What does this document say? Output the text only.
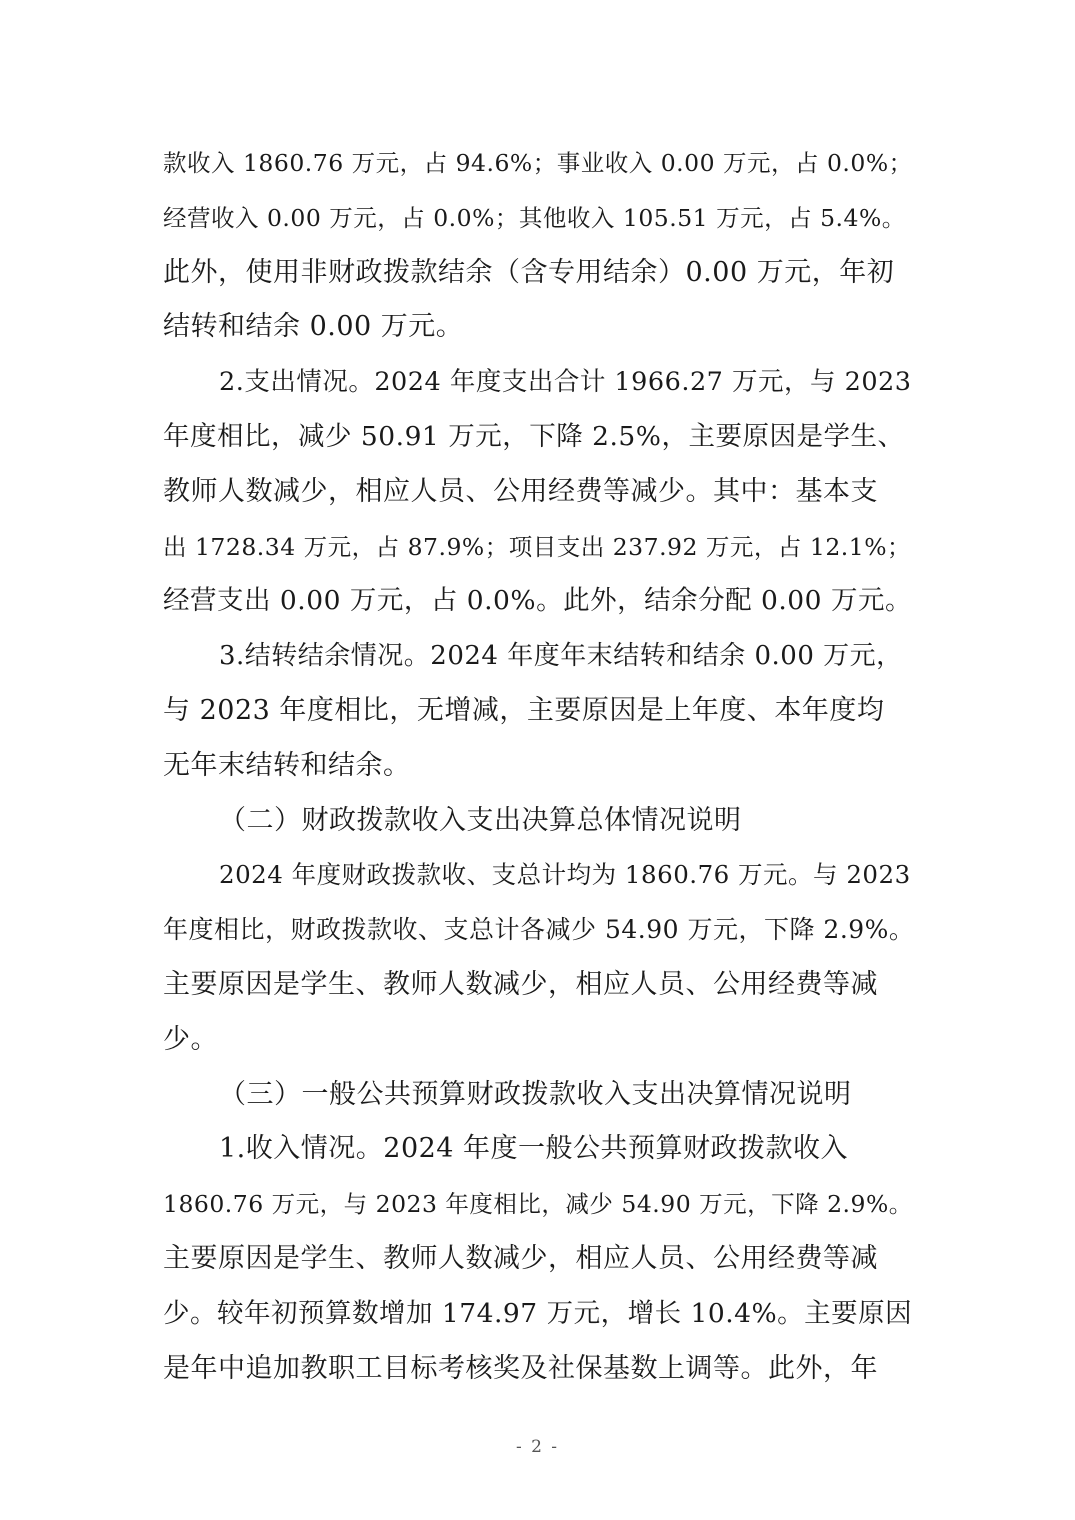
款收入 1860.76 万元，占 94.6%；事业收入 0.00 万元，占 0.0%；
经营收入 0.00 万元，占 0.0%；其他收入 105.51 万元，占 5.4%。
此外，使用非财政拨款结余（含专用结余）0.00 万元，年初
结转和结余 0.00 万元。
2.支出情况。2024 年度支出合计 1966.27 万元，与 2023
年度相比，减少 50.91 万元，下降 2.5%，主要原因是学生、
教师人数减少，相应人员、公用经费等减少。其中：基本支
出 1728.34 万元，占 87.9%；项目支出 237.92 万元，占 12.1%；
经营支出 0.00 万元，占 0.0%。此外，结余分配 0.00 万元。
3.结转结余情况。2024 年度年末结转和结余 0.00 万元，
与 2023 年度相比，无增减，主要原因是上年度、本年度均
无年末结转和结余。
（二）财政拨款收入支出决算总体情况说明
2024 年度财政拨款收、支总计均为 1860.76 万元。与 2023
年度相比，财政拨款收、支总计各减少 54.90 万元，下降 2.9%。
主要原因是学生、教师人数减少，相应人员、公用经费等减
少。
（三）一般公共预算财政拨款收入支出决算情况说明
1.收入情况。2024 年度一般公共预算财政拨款收入
1860.76 万元，与 2023 年度相比，减少 54.90 万元，下降 2.9%。
主要原因是学生、教师人数减少，相应人员、公用经费等减
少。较年初预算数增加 174.97 万元，增长 10.4%。主要原因
是年中追加教职工目标考核奖及社保基数上调等。此外，年
- 2 -
